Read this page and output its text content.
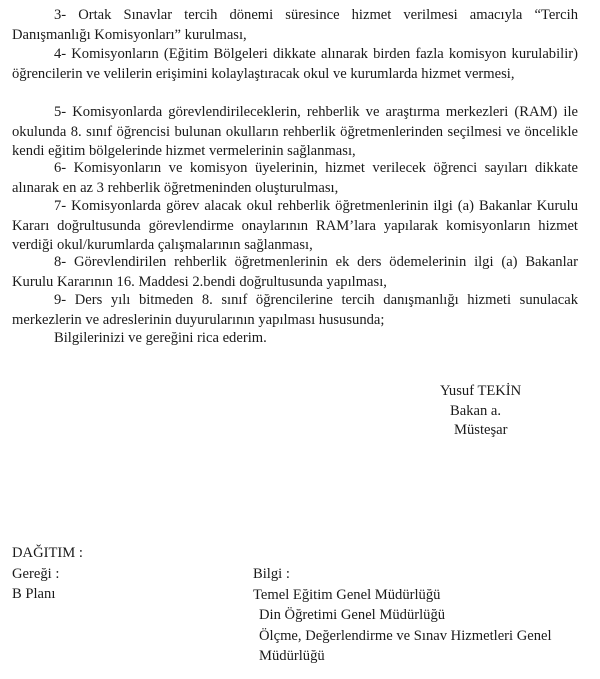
3- Ortak Sınavlar tercih dönemi süresince hizmet verilmesi amacıyla “Tercih Danışmanlığı Komisyonları” kurulması,

4- Komisyonların (Eğitim Bölgeleri dikkate alınarak birden fazla komisyon kurulabilir) öğrencilerin ve velilerin erişimini kolaylaştıracak okul ve kurumlarda hizmet vermesi,

5- Komisyonlarda görevlendirileceklerin, rehberlik ve araştırma merkezleri (RAM) ile okulunda 8. sınıf öğrencisi bulunan okulların rehberlik öğretmenlerinden seçilmesi ve öncelikle kendi eğitim bölgelerinde hizmet vermelerinin sağlanması,

6- Komisyonların ve komisyon üyelerinin, hizmet verilecek öğrenci sayıları dikkate alınarak en az 3 rehberlik öğretmeninden oluşturulması,

7- Komisyonlarda görev alacak okul rehberlik öğretmenlerinin ilgi (a) Bakanlar Kurulu Kararı doğrultusunda görevlendirme onaylarının RAM’lara yapılarak komisyonların hizmet verdiği okul/kurumlarda çalışmalarının sağlanması,

8- Görevlendirilen rehberlik öğretmenlerinin ek ders ödemelerinin ilgi (a) Bakanlar Kurulu Kararının 16. Maddesi 2.bendi doğrultusunda yapılması,

9- Ders yılı bitmeden 8. sınıf öğrencilerine tercih danışmanlığı hizmeti sunulacak merkezlerin ve adreslerinin duyurularının yapılması hususunda;

Bilgilerinizi ve gereğini rica ederim.

Yusuf TEKİN
Bakan a.
Müsteşar
DAĞITIM :
Gereği :
B Planı
Bilgi :
Temel Eğitim Genel Müdürlüğü
Din Öğretimi Genel Müdürlüğü
Ölçme, Değerlendirme ve Sınav Hizmetleri Genel
Müdürlüğü
